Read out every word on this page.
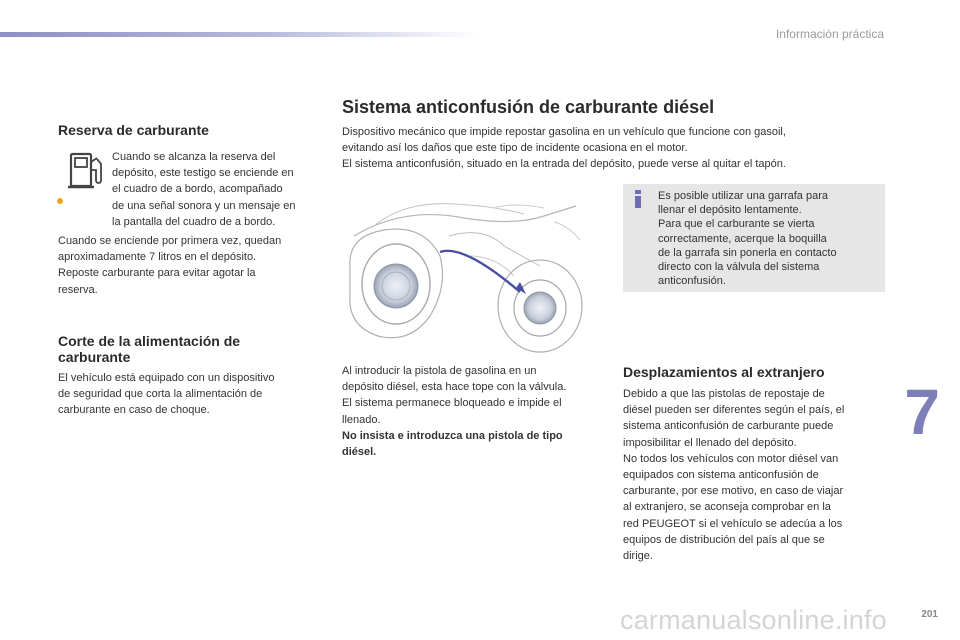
Información práctica
7
201
Reserva de carburante
Cuando se alcanza la reserva del
depósito, este testigo se enciende en
el cuadro de a bordo, acompañado
de una señal sonora y un mensaje en
la pantalla del cuadro de a bordo.
Cuando se enciende por primera vez, quedan
aproximadamente 7 litros en el depósito.
Reposte carburante para evitar agotar la
reserva.
Corte de la alimentación de
carburante
El vehículo está equipado con un dispositivo
de seguridad que corta la alimentación de
carburante en caso de choque.
Sistema anticonfusión de carburante diésel
Dispositivo mecánico que impide repostar gasolina en un vehículo que funcione con gasoil,
evitando así los daños que este tipo de incidente ocasiona en el motor.
El sistema anticonfusión, situado en la entrada del depósito, puede verse al quitar el tapón.
Es posible utilizar una garrafa para
llenar el depósito lentamente.
Para que el carburante se vierta
correctamente, acerque la boquilla
de la garrafa sin ponerla en contacto
directo con la válvula del sistema
anticonfusión.
Al introducir la pistola de gasolina en un
depósito diésel, esta hace tope con la válvula.
El sistema permanece bloqueado e impide el
llenado.
No insista e introduzca una pistola de tipo
diésel.
Desplazamientos al extranjero
Debido a que las pistolas de repostaje de
diésel pueden ser diferentes según el país, el
sistema anticonfusión de carburante puede
imposibilitar el llenado del depósito.
No todos los vehículos con motor diésel van
equipados con sistema anticonfusión de
carburante, por ese motivo, en caso de viajar
al extranjero, se aconseja comprobar en la
red PEUGEOT si el vehículo se adecúa a los
equipos de distribución del país al que se
dirige.
carmanualsonline.info
